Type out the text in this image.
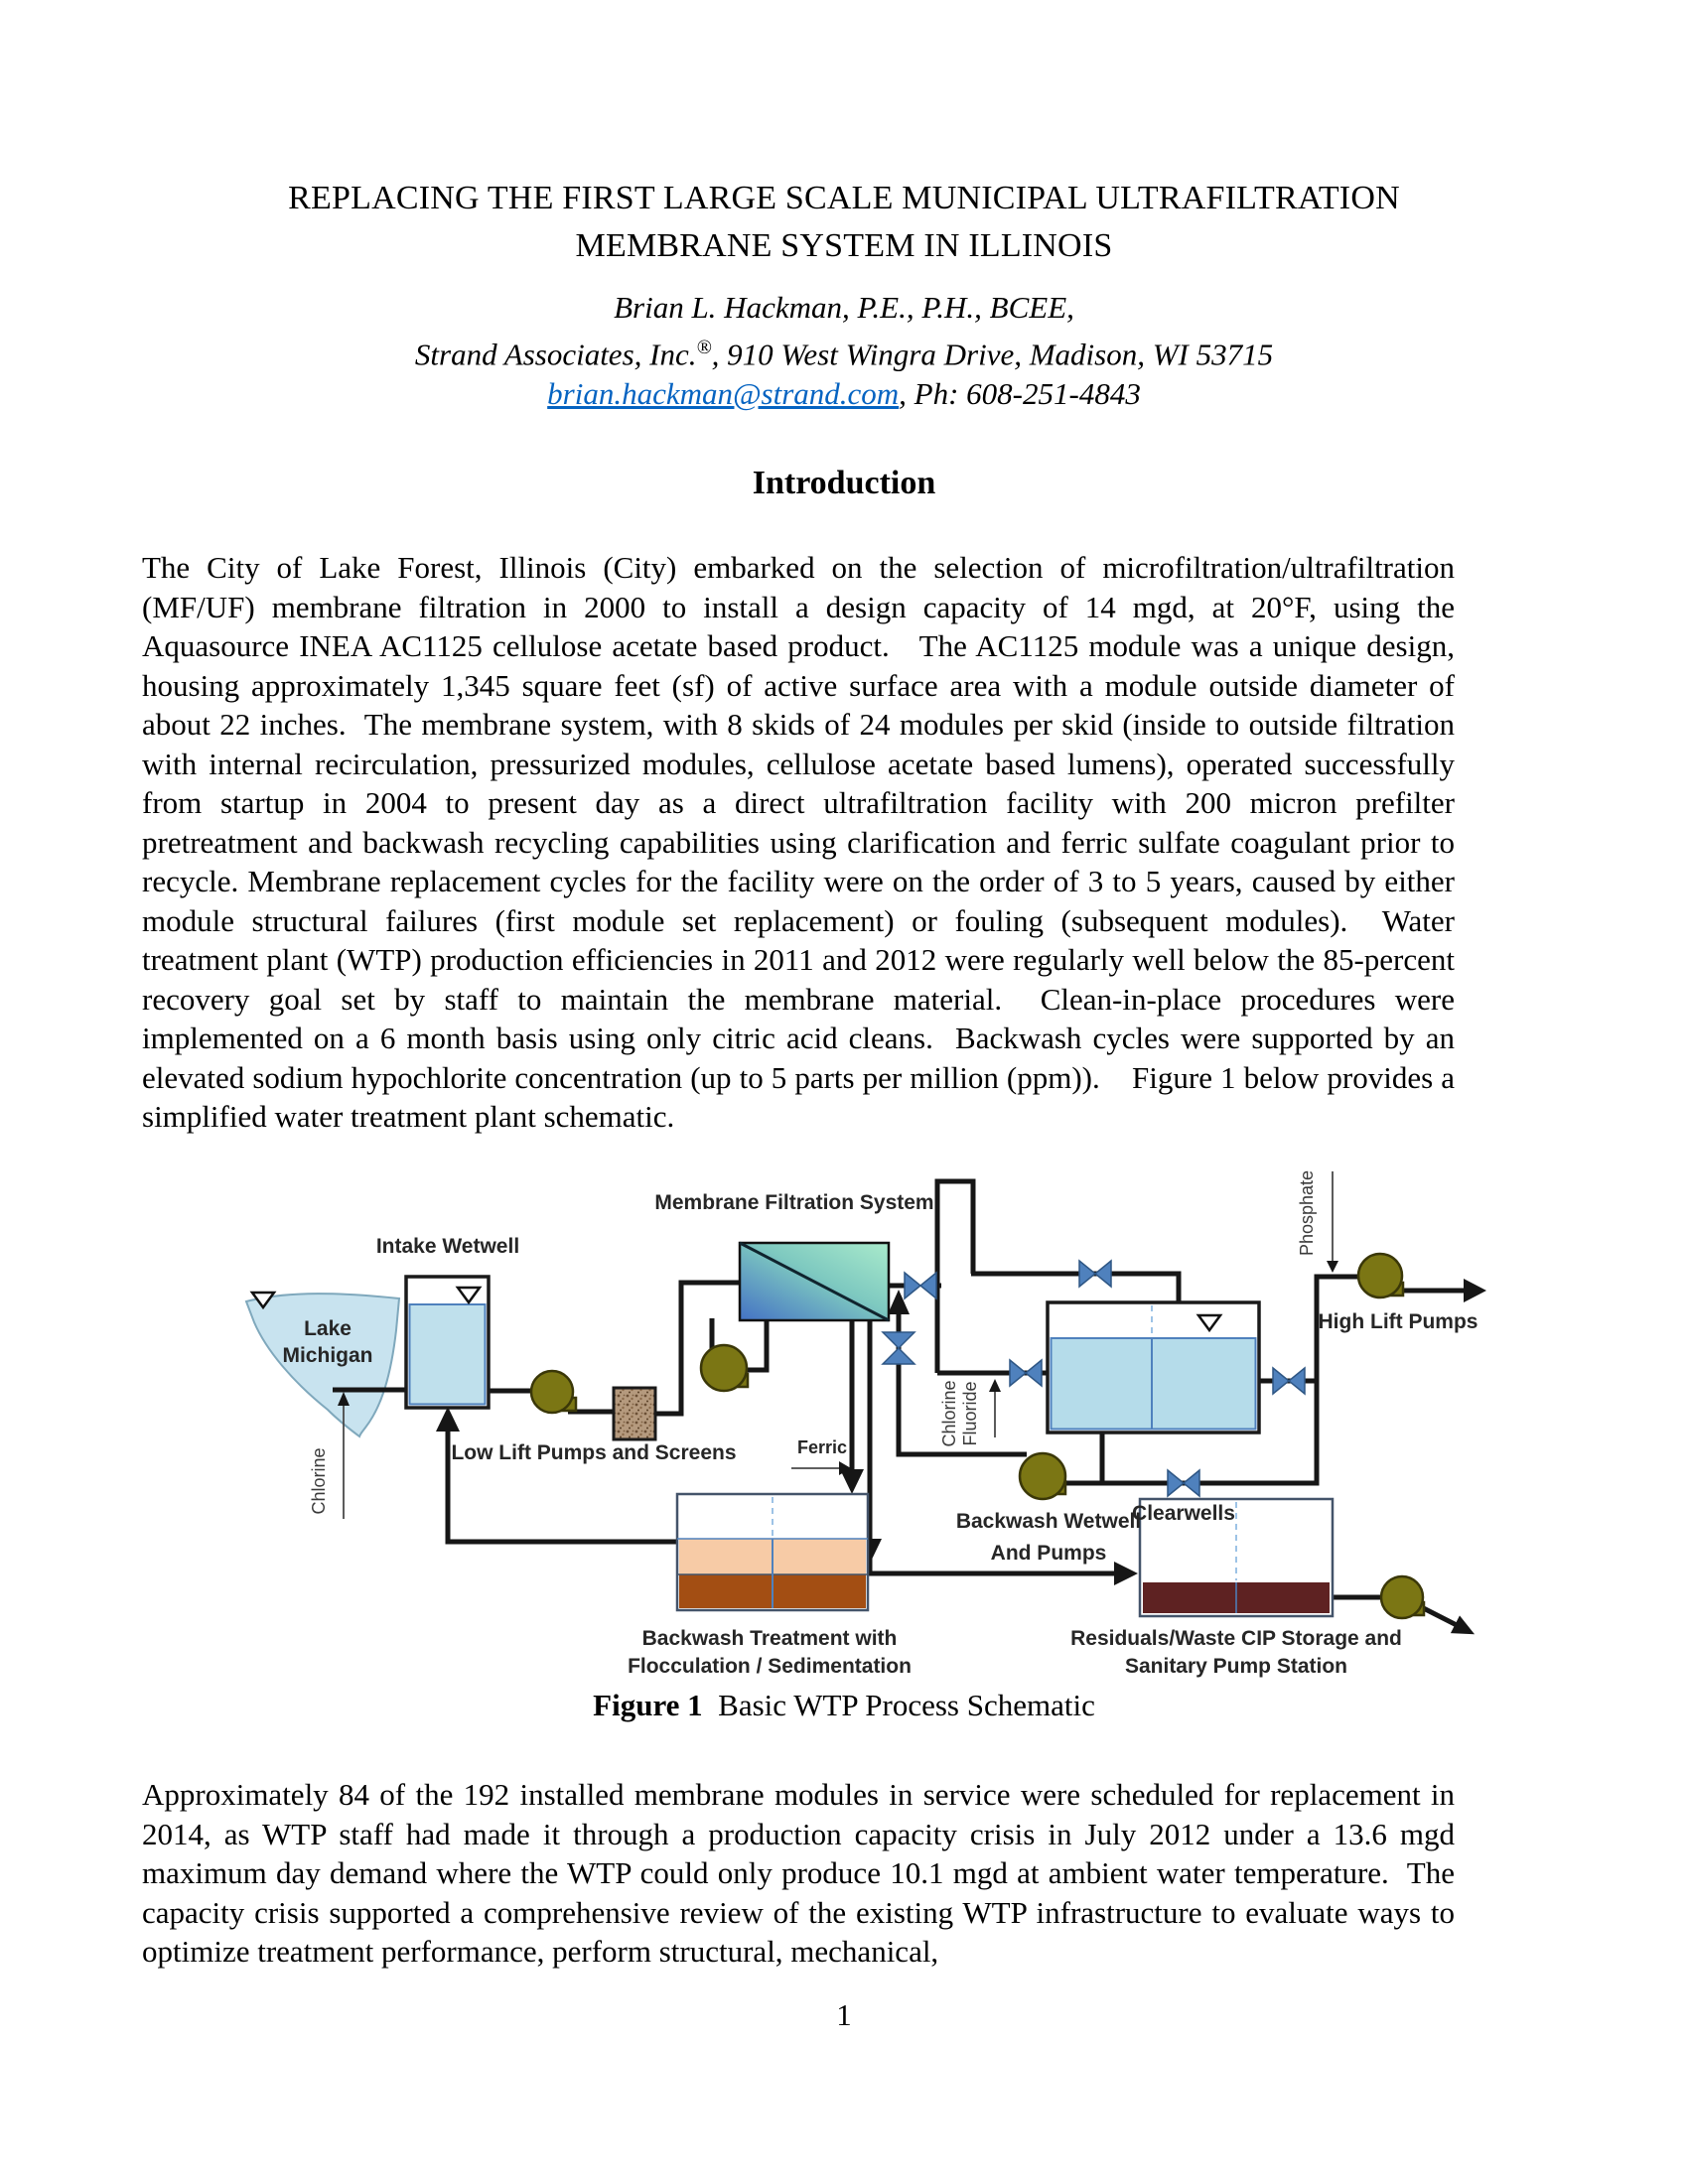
REPLACING THE FIRST LARGE SCALE MUNICIPAL ULTRAFILTRATION
MEMBRANE SYSTEM IN ILLINOIS
Brian L. Hackman, P.E., P.H., BCEE,
Strand Associates, Inc.®, 910 West Wingra Drive, Madison, WI 53715
brian.hackman@strand.com, Ph: 608-251-4843
Introduction
The City of Lake Forest, Illinois (City) embarked on the selection of microfiltration/ultrafiltration (MF/UF) membrane filtration in 2000 to install a design capacity of 14 mgd, at 20°F, using the Aquasource INEA AC1125 cellulose acetate based product.   The AC1125 module was a unique design, housing approximately 1,345 square feet (sf) of active surface area with a module outside diameter of about 22 inches.  The membrane system, with 8 skids of 24 modules per skid (inside to outside filtration with internal recirculation, pressurized modules, cellulose acetate based lumens), operated successfully from startup in 2004 to present day as a direct ultrafiltration facility with 200 micron prefilter pretreatment and backwash recycling capabilities using clarification and ferric sulfate coagulant prior to recycle. Membrane replacement cycles for the facility were on the order of 3 to 5 years, caused by either module structural failures (first module set replacement) or fouling (subsequent modules).  Water treatment plant (WTP) production efficiencies in 2011 and 2012 were regularly well below the 85-percent recovery goal set by staff to maintain the membrane material.  Clean-in-place procedures were implemented on a 6 month basis using only citric acid cleans.  Backwash cycles were supported by an elevated sodium hypochlorite concentration (up to 5 parts per million (ppm)).    Figure 1 below provides a simplified water treatment plant schematic.
Intake Wetwell
Membrane Filtration System
Lake
Michigan
Chlorine	Low Lift Pumps and Screens	Ferric
Chlorine Fluoride
Phosphate
High Lift Pumps
Backwash Wetwell
And Pumps
Clearwells
Backwash Treatment with
Flocculation / Sedimentation
Residuals/Waste CIP Storage and
Sanitary Pump Station
Figure 1  Basic WTP Process Schematic
Approximately 84 of the 192 installed membrane modules in service were scheduled for replacement in 2014, as WTP staff had made it through a production capacity crisis in July 2012 under a 13.6 mgd maximum day demand where the WTP could only produce 10.1 mgd at ambient water temperature.  The capacity crisis supported a comprehensive review of the existing WTP infrastructure to evaluate ways to optimize treatment performance, perform structural, mechanical,
1
